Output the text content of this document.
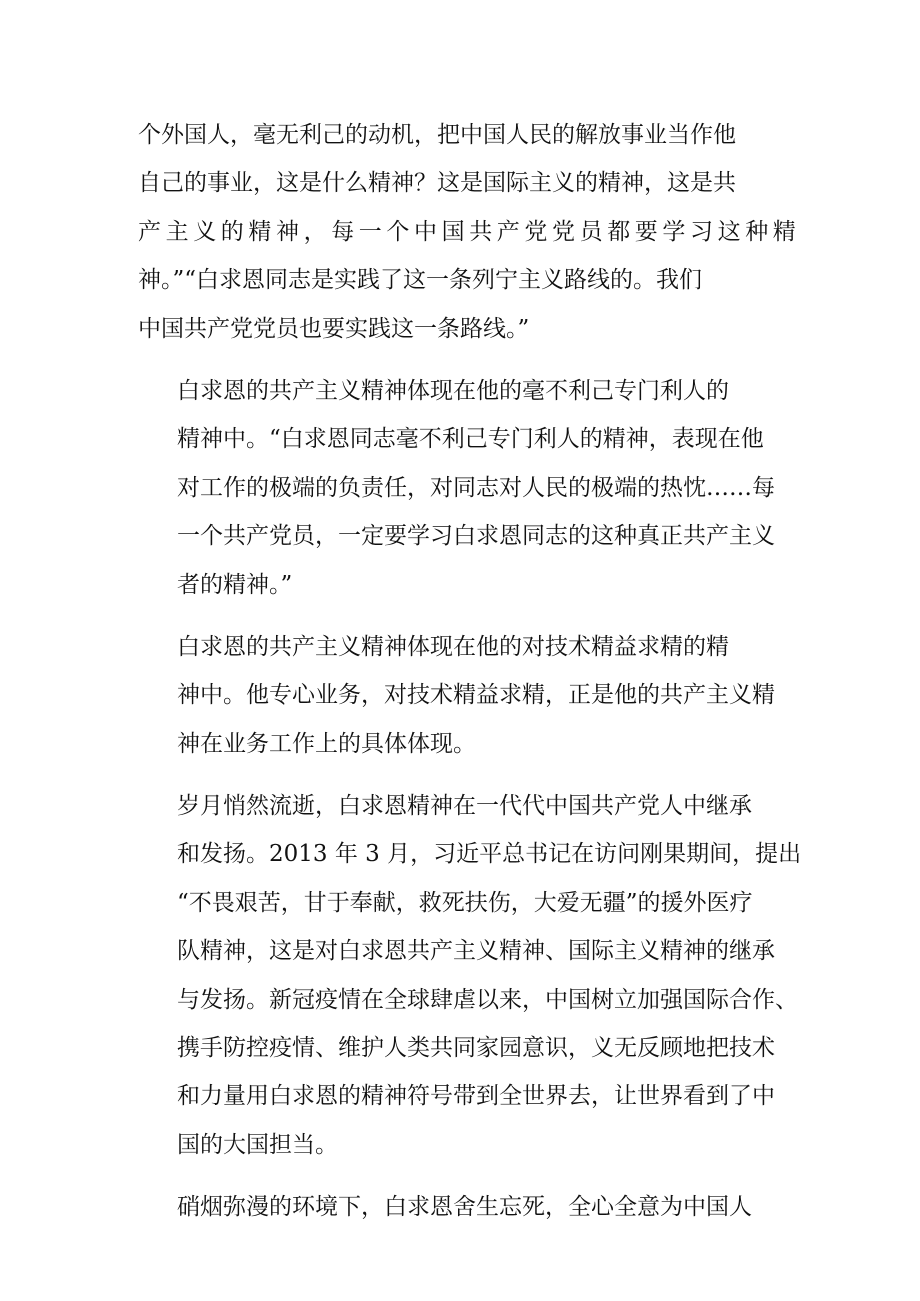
个外国人，毫无利己的动机，把中国人民的解放事业当作他
自己的事业，这是什么精神？这是国际主义的精神，这是共
产主义的精神，每一个中国共产党党员都要学习这种精
神。”“白求恩同志是实践了这一条列宁主义路线的。我们
中国共产党党员也要实践这一条路线。”

白求恩的共产主义精神体现在他的毫不利己专门利人的
精神中。“白求恩同志毫不利己专门利人的精神，表现在他
对工作的极端的负责任，对同志对人民的极端的热忱……每
一个共产党员，一定要学习白求恩同志的这种真正共产主义
者的精神。”

白求恩的共产主义精神体现在他的对技术精益求精的精
神中。他专心业务，对技术精益求精，正是他的共产主义精
神在业务工作上的具体体现。

岁月悄然流逝，白求恩精神在一代代中国共产党人中继承
和发扬。2013 年 3 月，习近平总书记在访问刚果期间，提出
“不畏艰苦，甘于奉献，救死扶伤，大爱无疆”的援外医疗
队精神，这是对白求恩共产主义精神、国际主义精神的继承
与发扬。新冠疫情在全球肆虐以来，中国树立加强国际合作、
携手防控疫情、维护人类共同家园意识，义无反顾地把技术
和力量用白求恩的精神符号带到全世界去，让世界看到了中
国的大国担当。

硝烟弥漫的环境下，白求恩舍生忘死，全心全意为中国人
